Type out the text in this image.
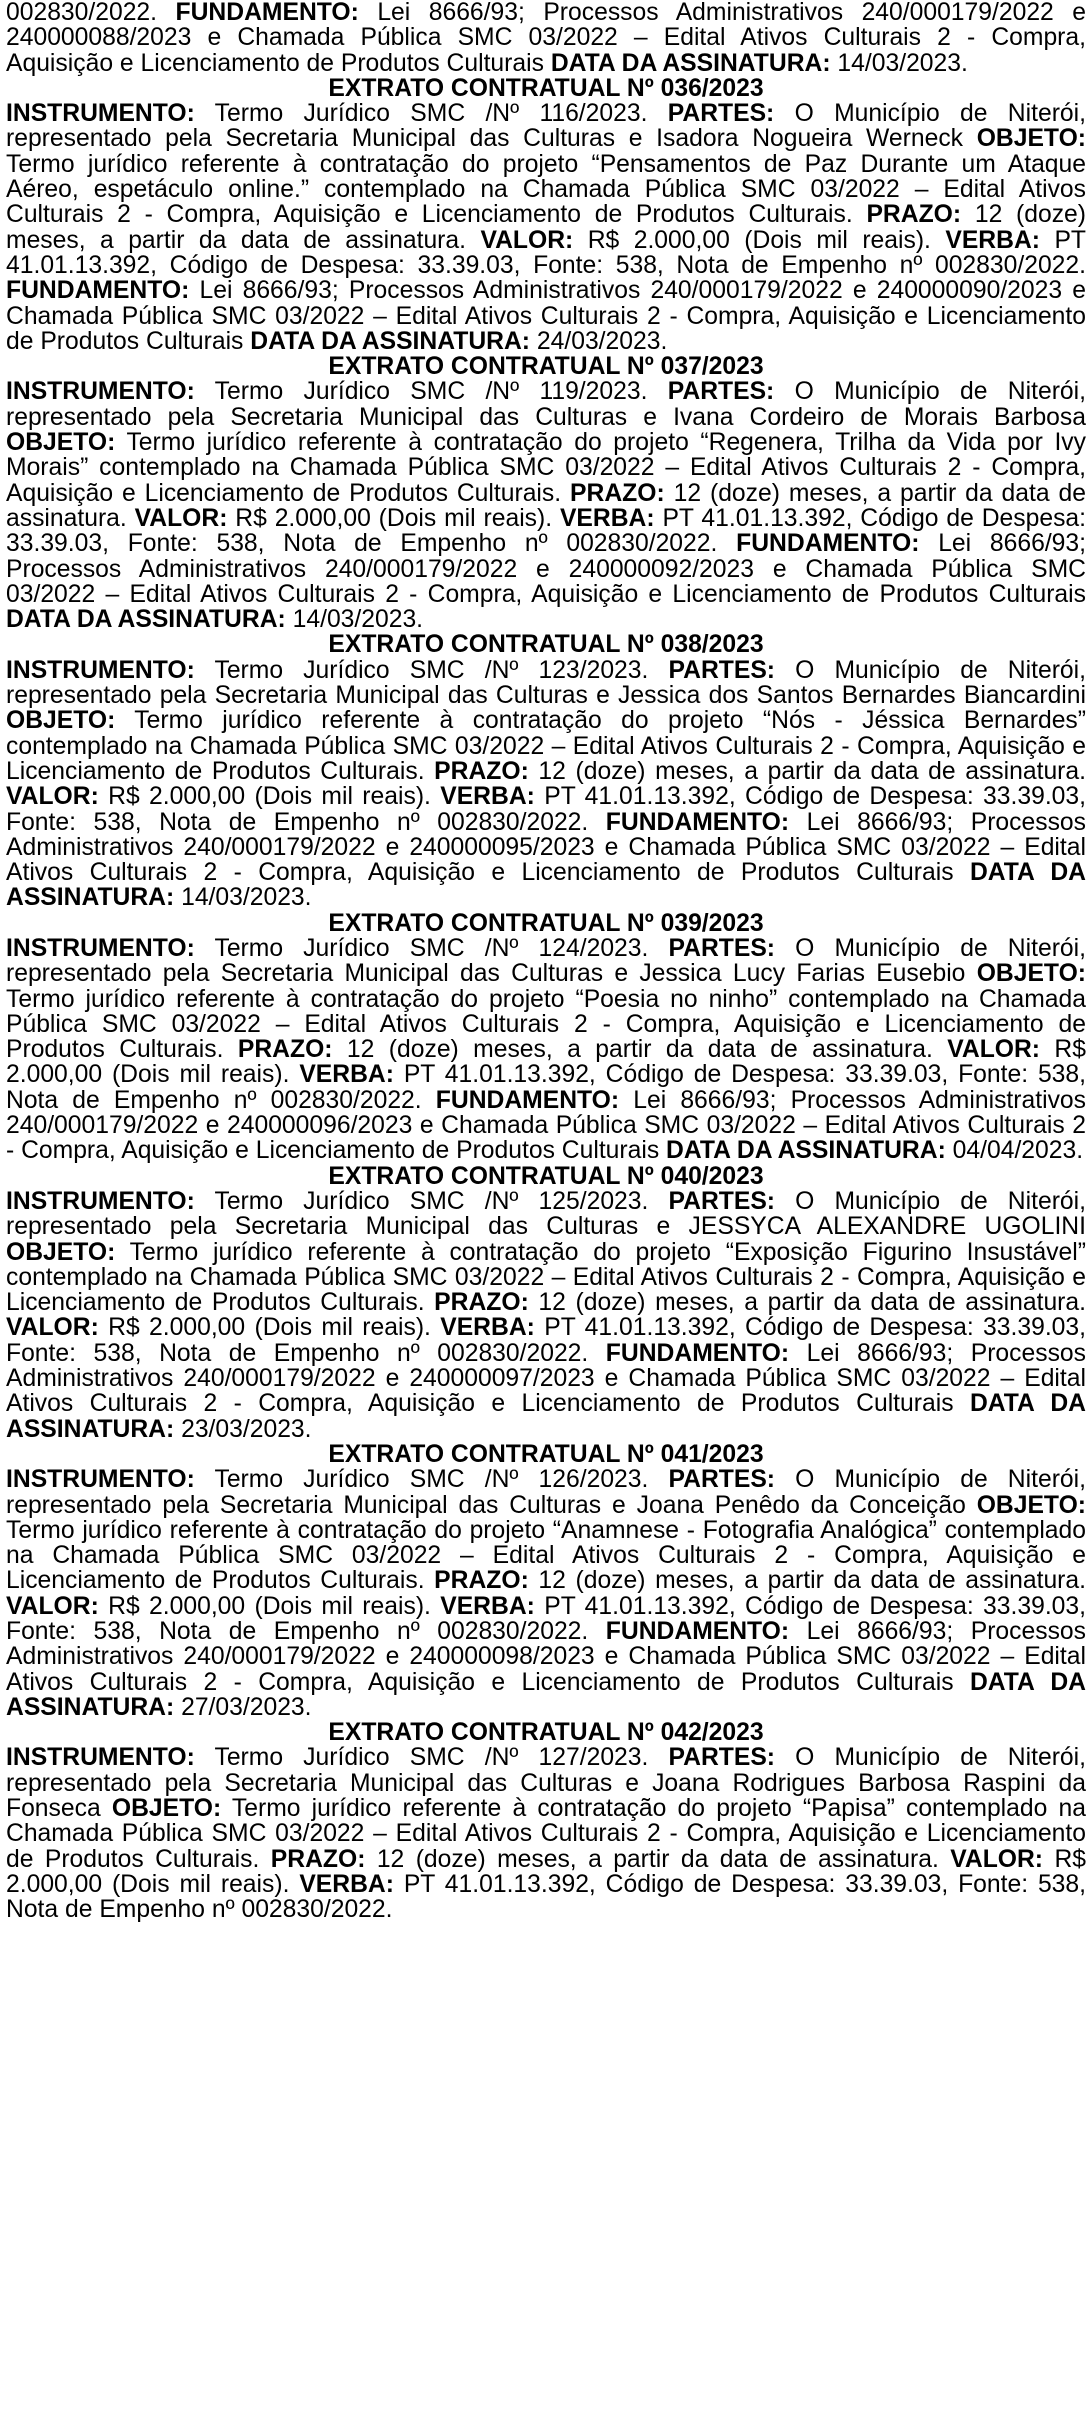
002830/2022. FUNDAMENTO: Lei 8666/93; Processos Administrativos 240/000179/2022 e 240000088/2023 e Chamada Pública SMC 03/2022 – Edital Ativos Culturais 2 - Compra, Aquisição e Licenciamento de Produtos Culturais DATA DA ASSINATURA: 14/03/2023.

EXTRATO CONTRATUAL Nº 036/2023

INSTRUMENTO: Termo Jurídico SMC /Nº 116/2023. PARTES: O Município de Niterói, representado pela Secretaria Municipal das Culturas e Isadora Nogueira Werneck OBJETO: Termo jurídico referente à contratação do projeto “Pensamentos de Paz Durante um Ataque Aéreo, espetáculo online.” contemplado na Chamada Pública SMC 03/2022 – Edital Ativos Culturais 2 - Compra, Aquisição e Licenciamento de Produtos Culturais. PRAZO: 12 (doze) meses, a partir da data de assinatura. VALOR: R$ 2.000,00 (Dois mil reais). VERBA: PT 41.01.13.392, Código de Despesa: 33.39.03, Fonte: 538, Nota de Empenho nº 002830/2022. FUNDAMENTO: Lei 8666/93; Processos Administrativos 240/000179/2022 e 240000090/2023 e Chamada Pública SMC 03/2022 – Edital Ativos Culturais 2 - Compra, Aquisição e Licenciamento de Produtos Culturais DATA DA ASSINATURA: 24/03/2023.

EXTRATO CONTRATUAL Nº 037/2023

INSTRUMENTO: Termo Jurídico SMC /Nº 119/2023. PARTES: O Município de Niterói, representado pela Secretaria Municipal das Culturas e Ivana Cordeiro de Morais Barbosa OBJETO: Termo jurídico referente à contratação do projeto “Regenera, Trilha da Vida por Ivy Morais” contemplado na Chamada Pública SMC 03/2022 – Edital Ativos Culturais 2 - Compra, Aquisição e Licenciamento de Produtos Culturais. PRAZO: 12 (doze) meses, a partir da data de assinatura. VALOR: R$ 2.000,00 (Dois mil reais). VERBA: PT 41.01.13.392, Código de Despesa: 33.39.03, Fonte: 538, Nota de Empenho nº 002830/2022. FUNDAMENTO: Lei 8666/93; Processos Administrativos 240/000179/2022 e 240000092/2023 e Chamada Pública SMC 03/2022 – Edital Ativos Culturais 2 - Compra, Aquisição e Licenciamento de Produtos Culturais DATA DA ASSINATURA: 14/03/2023.

EXTRATO CONTRATUAL Nº 038/2023

INSTRUMENTO: Termo Jurídico SMC /Nº 123/2023. PARTES: O Município de Niterói, representado pela Secretaria Municipal das Culturas e Jessica dos Santos Bernardes Biancardini OBJETO: Termo jurídico referente à contratação do projeto “Nós - Jéssica Bernardes” contemplado na Chamada Pública SMC 03/2022 – Edital Ativos Culturais 2 - Compra, Aquisição e Licenciamento de Produtos Culturais. PRAZO: 12 (doze) meses, a partir da data de assinatura. VALOR: R$ 2.000,00 (Dois mil reais). VERBA: PT 41.01.13.392, Código de Despesa: 33.39.03, Fonte: 538, Nota de Empenho nº 002830/2022. FUNDAMENTO: Lei 8666/93; Processos Administrativos 240/000179/2022 e 240000095/2023 e Chamada Pública SMC 03/2022 – Edital Ativos Culturais 2 - Compra, Aquisição e Licenciamento de Produtos Culturais DATA DA ASSINATURA: 14/03/2023.

EXTRATO CONTRATUAL Nº 039/2023

INSTRUMENTO: Termo Jurídico SMC /Nº 124/2023. PARTES: O Município de Niterói, representado pela Secretaria Municipal das Culturas e Jessica Lucy Farias Eusebio OBJETO: Termo jurídico referente à contratação do projeto “Poesia no ninho” contemplado na Chamada Pública SMC 03/2022 – Edital Ativos Culturais 2 - Compra, Aquisição e Licenciamento de Produtos Culturais. PRAZO: 12 (doze) meses, a partir da data de assinatura. VALOR: R$ 2.000,00 (Dois mil reais). VERBA: PT 41.01.13.392, Código de Despesa: 33.39.03, Fonte: 538, Nota de Empenho nº 002830/2022. FUNDAMENTO: Lei 8666/93; Processos Administrativos 240/000179/2022 e 240000096/2023 e Chamada Pública SMC 03/2022 – Edital Ativos Culturais 2 - Compra, Aquisição e Licenciamento de Produtos Culturais DATA DA ASSINATURA: 04/04/2023.

EXTRATO CONTRATUAL Nº 040/2023

INSTRUMENTO: Termo Jurídico SMC /Nº 125/2023. PARTES: O Município de Niterói, representado pela Secretaria Municipal das Culturas e JESSYCA ALEXANDRE UGOLINI OBJETO: Termo jurídico referente à contratação do projeto “Exposição Figurino Insustável” contemplado na Chamada Pública SMC 03/2022 – Edital Ativos Culturais 2 - Compra, Aquisição e Licenciamento de Produtos Culturais. PRAZO: 12 (doze) meses, a partir da data de assinatura. VALOR: R$ 2.000,00 (Dois mil reais). VERBA: PT 41.01.13.392, Código de Despesa: 33.39.03, Fonte: 538, Nota de Empenho nº 002830/2022. FUNDAMENTO: Lei 8666/93; Processos Administrativos 240/000179/2022 e 240000097/2023 e Chamada Pública SMC 03/2022 – Edital Ativos Culturais 2 - Compra, Aquisição e Licenciamento de Produtos Culturais DATA DA ASSINATURA: 23/03/2023.

EXTRATO CONTRATUAL Nº 041/2023

INSTRUMENTO: Termo Jurídico SMC /Nº 126/2023. PARTES: O Município de Niterói, representado pela Secretaria Municipal das Culturas e Joana Penêdo da Conceição OBJETO: Termo jurídico referente à contratação do projeto “Anamnese - Fotografia Analógica” contemplado na Chamada Pública SMC 03/2022 – Edital Ativos Culturais 2 - Compra, Aquisição e Licenciamento de Produtos Culturais. PRAZO: 12 (doze) meses, a partir da data de assinatura. VALOR: R$ 2.000,00 (Dois mil reais). VERBA: PT 41.01.13.392, Código de Despesa: 33.39.03, Fonte: 538, Nota de Empenho nº 002830/2022. FUNDAMENTO: Lei 8666/93; Processos Administrativos 240/000179/2022 e 240000098/2023 e Chamada Pública SMC 03/2022 – Edital Ativos Culturais 2 - Compra, Aquisição e Licenciamento de Produtos Culturais DATA DA ASSINATURA: 27/03/2023.

EXTRATO CONTRATUAL Nº 042/2023

INSTRUMENTO: Termo Jurídico SMC /Nº 127/2023. PARTES: O Município de Niterói, representado pela Secretaria Municipal das Culturas e Joana Rodrigues Barbosa Raspini da Fonseca OBJETO: Termo jurídico referente à contratação do projeto “Papisa” contemplado na Chamada Pública SMC 03/2022 – Edital Ativos Culturais 2 - Compra, Aquisição e Licenciamento de Produtos Culturais. PRAZO: 12 (doze) meses, a partir da data de assinatura. VALOR: R$ 2.000,00 (Dois mil reais). VERBA: PT 41.01.13.392, Código de Despesa: 33.39.03, Fonte: 538, Nota de Empenho nº 002830/2022.
